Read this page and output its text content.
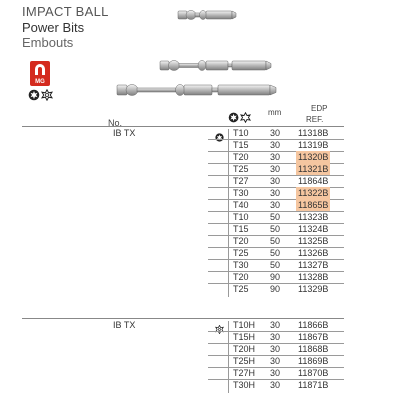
IMPACT BALL
Power Bits
Embouts
MG
mm	EDP
REF.
No.
IB TX	T10 30 11318B
T15 30 11319B
T20 30 11320B
T25 30 11321B
T27 30 11864B
T30 30 11322B
T40 30 11865B
T10 50 11323B
T15 50 11324B
T20 50 11325B
T25 50 11326B
T30 50 11327B
T20 90 11328B
T25 90 11329B
IB TX	T10H 30 11866B
T15H 30 11867B
T20H 30 11868B
T25H 30 11869B
T27H 30 11870B
T30H 30 11871B
